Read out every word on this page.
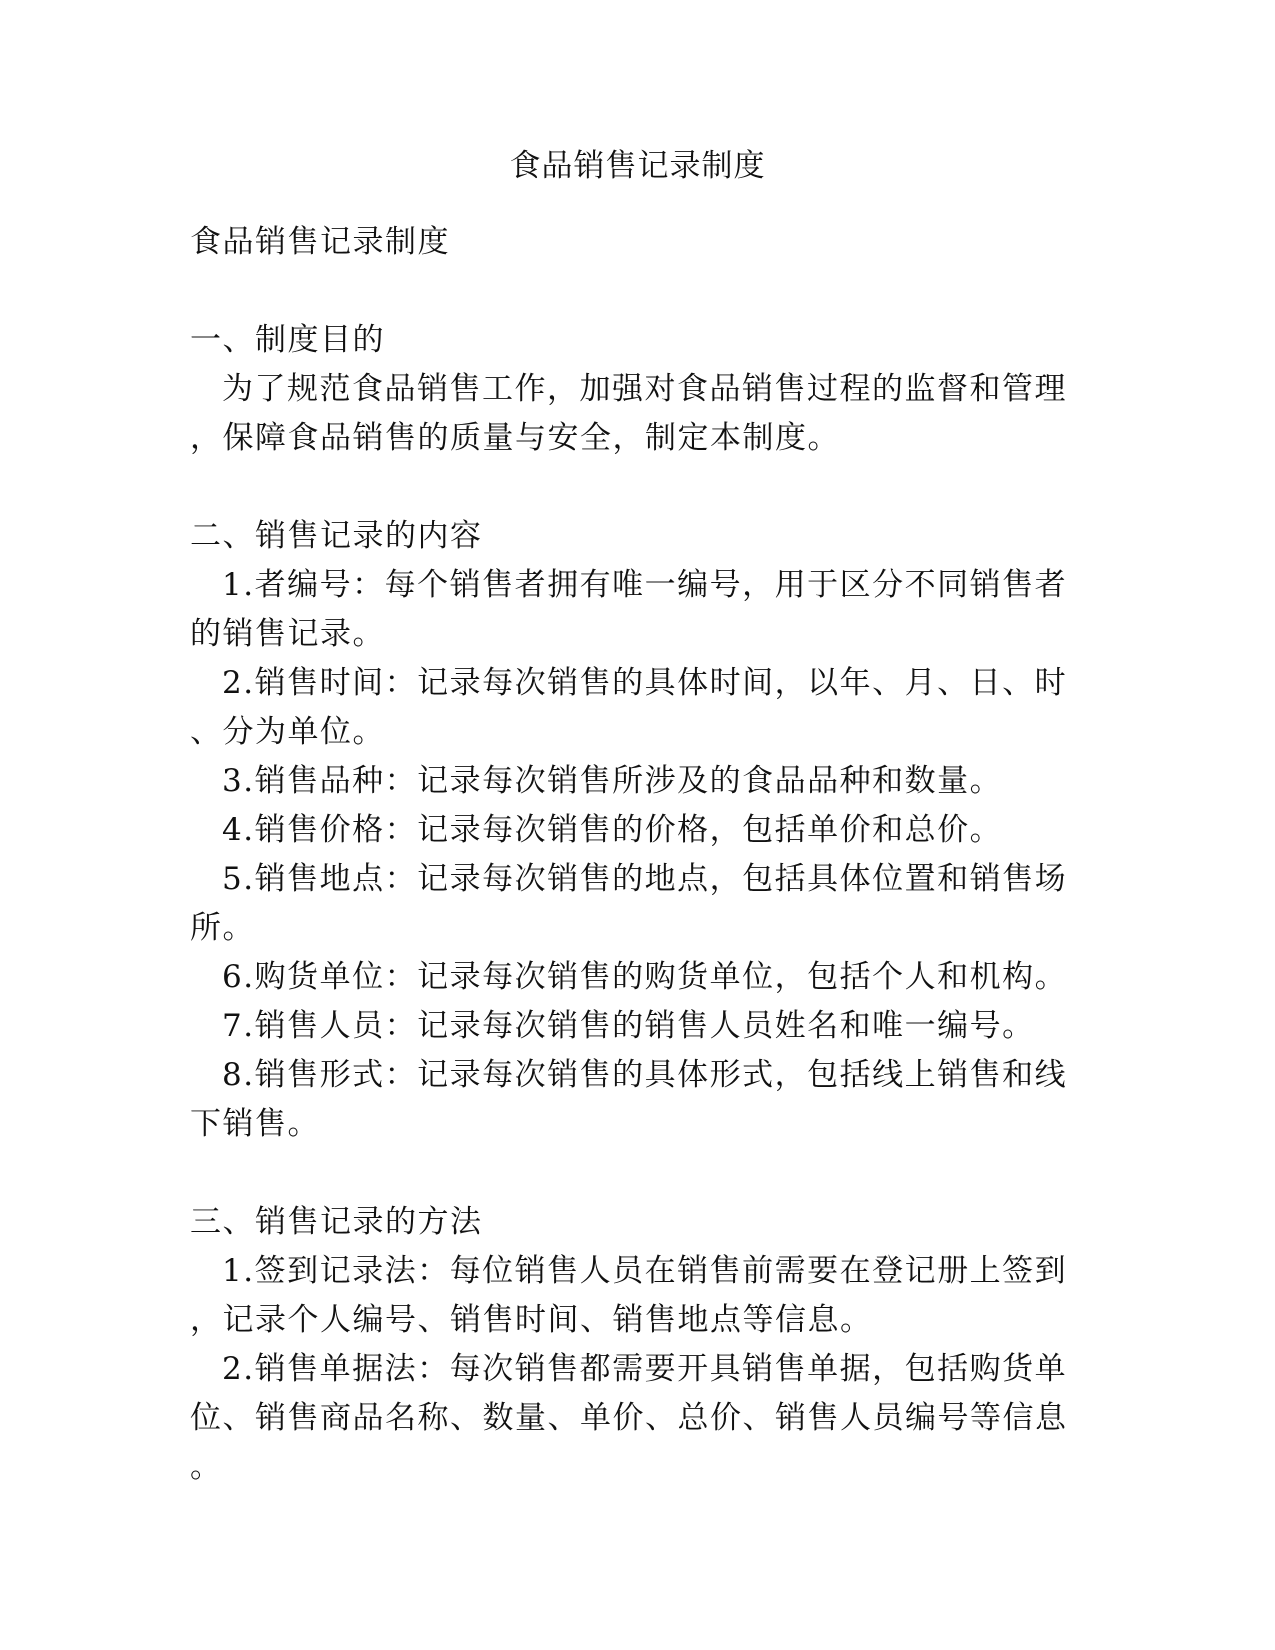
食品销售记录制度
食品销售记录制度
一、制度目的
为了规范食品销售工作，加强对食品销售过程的监督和管理
，保障食品销售的质量与安全，制定本制度。
二、销售记录的内容
1.者编号：每个销售者拥有唯一编号，用于区分不同销售者
的销售记录。
2.销售时间：记录每次销售的具体时间，以年、月、日、时
、分为单位。
3.销售品种：记录每次销售所涉及的食品品种和数量。
4.销售价格：记录每次销售的价格，包括单价和总价。
5.销售地点：记录每次销售的地点，包括具体位置和销售场
所。
6.购货单位：记录每次销售的购货单位，包括个人和机构。
7.销售人员：记录每次销售的销售人员姓名和唯一编号。
8.销售形式：记录每次销售的具体形式，包括线上销售和线
下销售。
三、销售记录的方法
1.签到记录法：每位销售人员在销售前需要在登记册上签到
，记录个人编号、销售时间、销售地点等信息。
2.销售单据法：每次销售都需要开具销售单据，包括购货单
位、销售商品名称、数量、单价、总价、销售人员编号等信息
。
